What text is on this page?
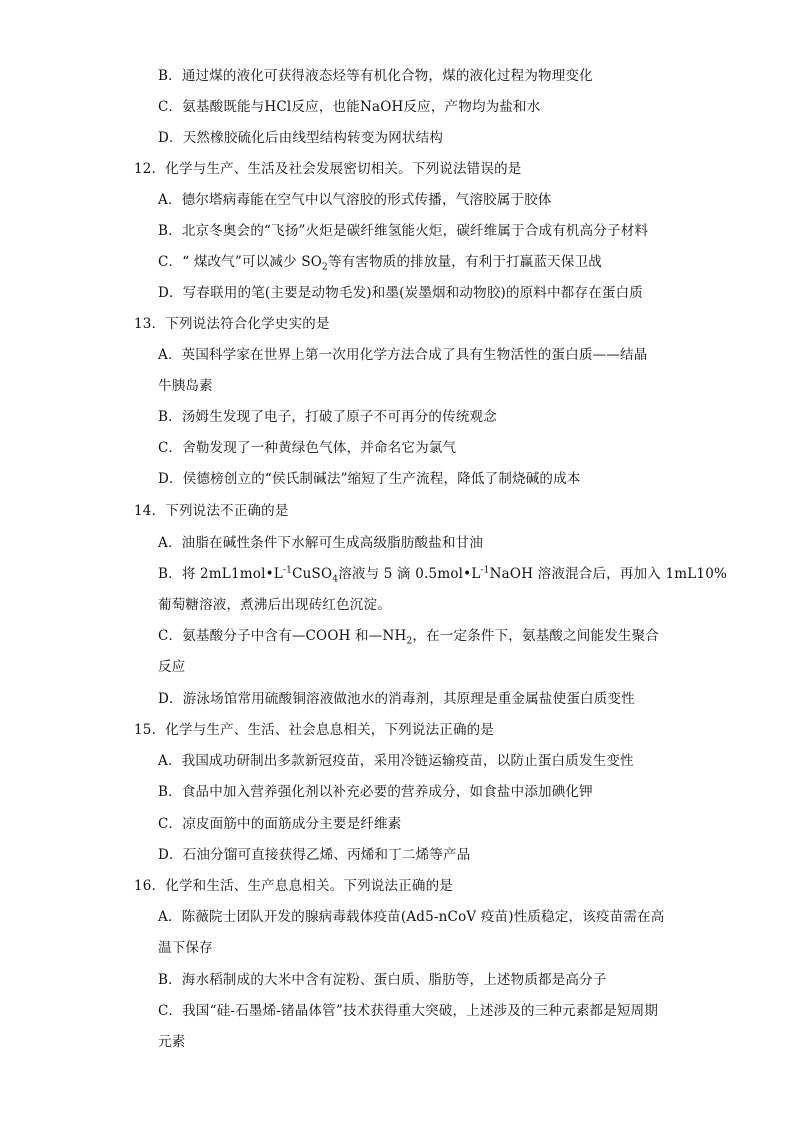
B．通过煤的液化可获得液态烃等有机化合物，煤的液化过程为物理变化
C．氨基酸既能与HCl反应，也能NaOH反应，产物均为盐和水
D．天然橡胶硫化后由线型结构转变为网状结构
12．化学与生产、生活及社会发展密切相关。下列说法错误的是
A．德尔塔病毒能在空气中以气溶胶的形式传播，气溶胶属于胶体
B．北京冬奥会的“飞扬”火炬是碳纤维氢能火炬，碳纤维属于合成有机高分子材料
C．“ 煤改气”可以减少 $SO_2$等有害物质的排放量，有利于打赢蓝天保卫战
D．写春联用的笔(主要是动物毛发)和墨(炭墨烟和动物胶)的原料中都存在蛋白质
13．下列说法符合化学史实的是
A．英国科学家在世界上第一次用化学方法合成了具有生物活性的蛋白质——结晶
牛胰岛素
B．汤姆生发现了电子，打破了原子不可再分的传统观念
C．舍勒发现了一种黄绿色气体，并命名它为氯气
D．侯德榜创立的“侯氏制碱法”缩短了生产流程，降低了制烧碱的成本
14．下列说法不正确的是
A．油脂在碱性条件下水解可生成高级脂肪酸盐和甘油
B．将 $2mL1mol•L^{-1}CuSO_4$溶液与 5 滴 $0.5mol•L^{-1}NaOH$ 溶液混合后，再加入 1mL10%
葡萄糖溶液，煮沸后出现砖红色沉淀。
C．氨基酸分子中含有—COOH 和$—NH_2$，在一定条件下，氨基酸之间能发生聚合
反应
D．游泳场馆常用硫酸铜溶液做池水的消毒剂，其原理是重金属盐使蛋白质变性
15．化学与生产、生活、社会息息相关，下列说法正确的是
A．我国成功研制出多款新冠疫苗，采用冷链运输疫苗，以防止蛋白质发生变性
B．食品中加入营养强化剂以补充必要的营养成分，如食盐中添加碘化钾
C．凉皮面筋中的面筋成分主要是纤维素
D．石油分馏可直接获得乙烯、丙烯和丁二烯等产品
16．化学和生活、生产息息相关。下列说法正确的是
A．陈薇院士团队开发的腺病毒载体疫苗(Ad5-nCoV 疫苗)性质稳定，该疫苗需在高
温下保存
B．海水稻制成的大米中含有淀粉、蛋白质、脂肪等，上述物质都是高分子
C．我国“硅-石墨烯-锗晶体管”技术获得重大突破，上述涉及的三种元素都是短周期
元素
